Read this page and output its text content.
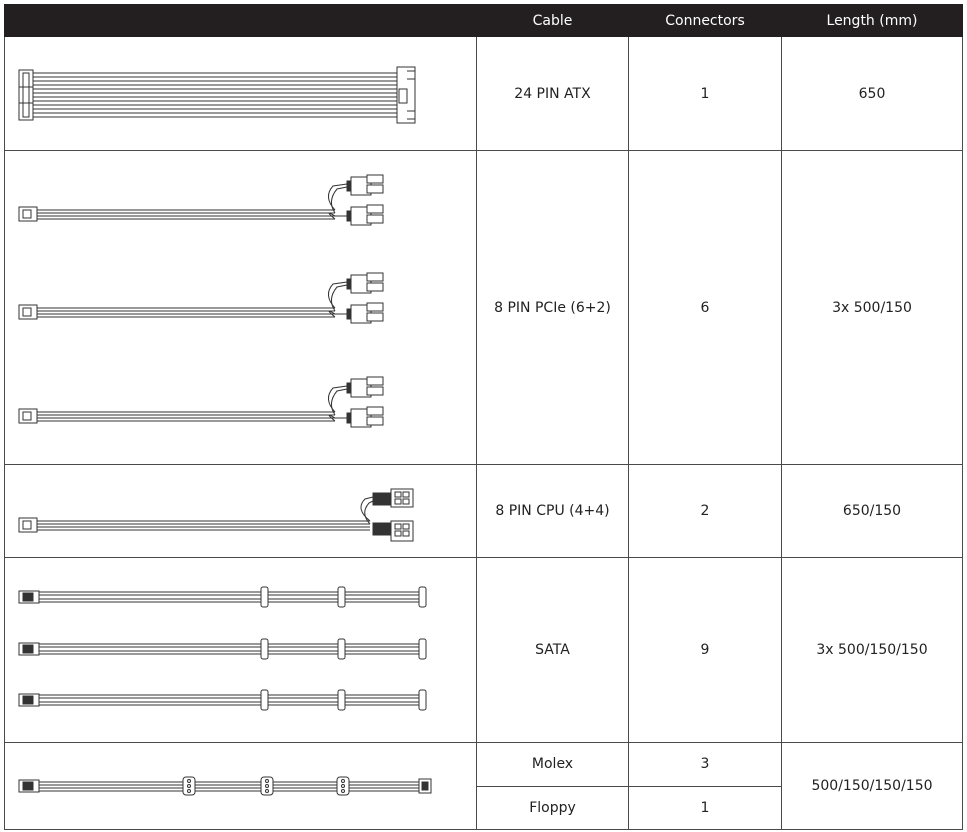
	Cable	Connectors	Length (mm)

	24 PIN ATX	1	650

	8 PIN PCIe (6+2)	6	3x 500/150

	8 PIN CPU (4+4)	2	650/150

	SATA	9	3x 500/150/150

	Molex	3	500/150/150/150
	Floppy	1	
